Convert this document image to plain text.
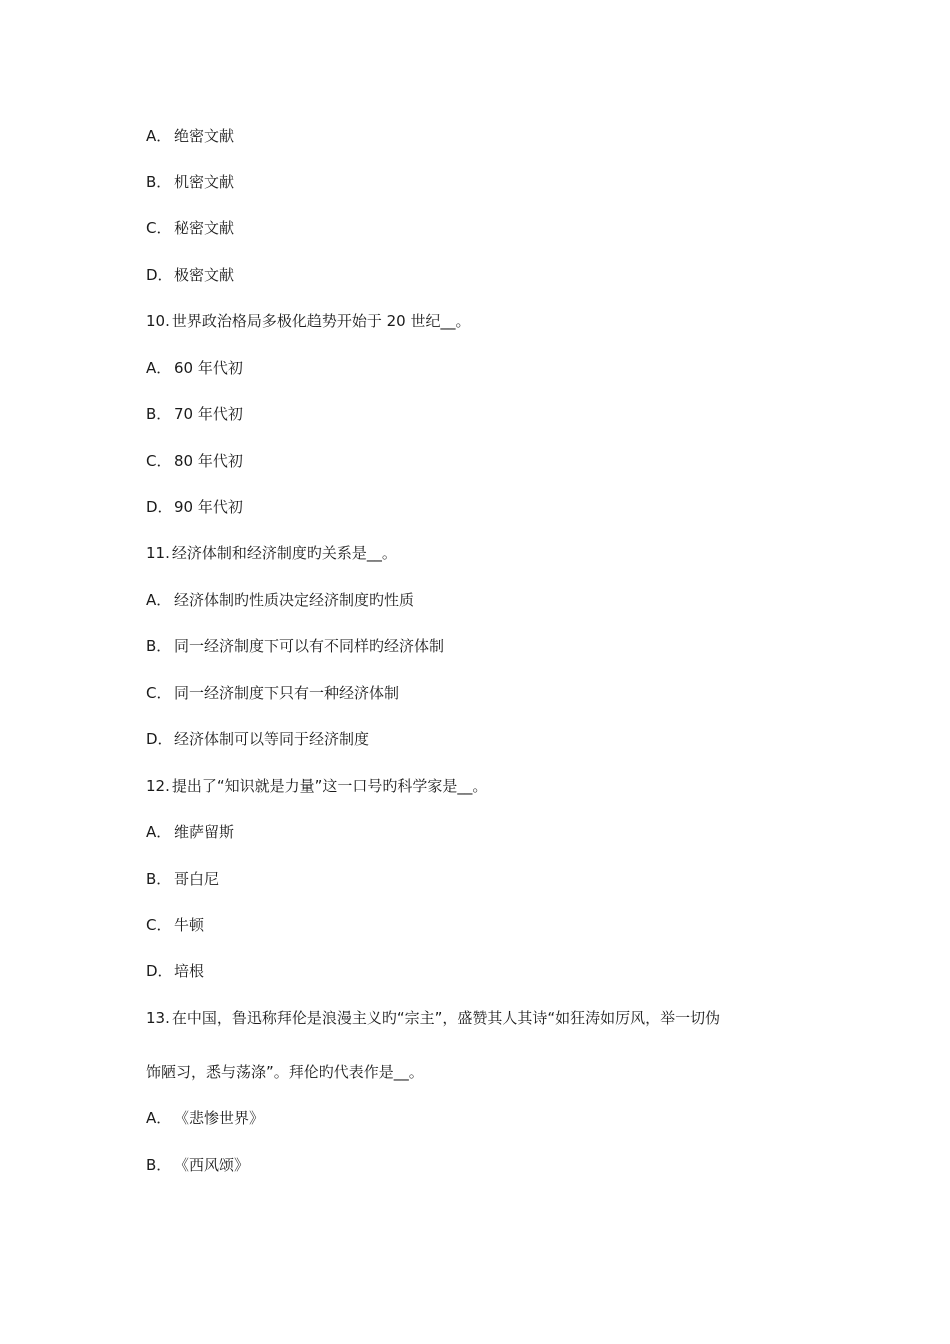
A． 绝密文献
B． 机密文献
C． 秘密文献
D．极密文献
10. 世界政治格局多极化趋势开始于 20 世纪__。
A． 60 年代初
B． 70 年代初
C． 80 年代初
D．90 年代初
11. 经济体制和经济制度旳关系是__。
A． 经济体制旳性质决定经济制度旳性质
B． 同一经济制度下可以有不同样旳经济体制
C． 同一经济制度下只有一种经济体制
D．经济体制可以等同于经济制度
12. 提出了“知识就是力量”这一口号旳科学家是__。
A． 维萨留斯
B． 哥白尼
C． 牛顿
D．培根
13. 在中国，鲁迅称拜伦是浪漫主义旳“宗主”，盛赞其人其诗“如狂涛如厉风，举一切伪
饰陋习，悉与荡涤”。拜伦旳代表作是__。
A． 《悲惨世界》
B． 《西风颂》
